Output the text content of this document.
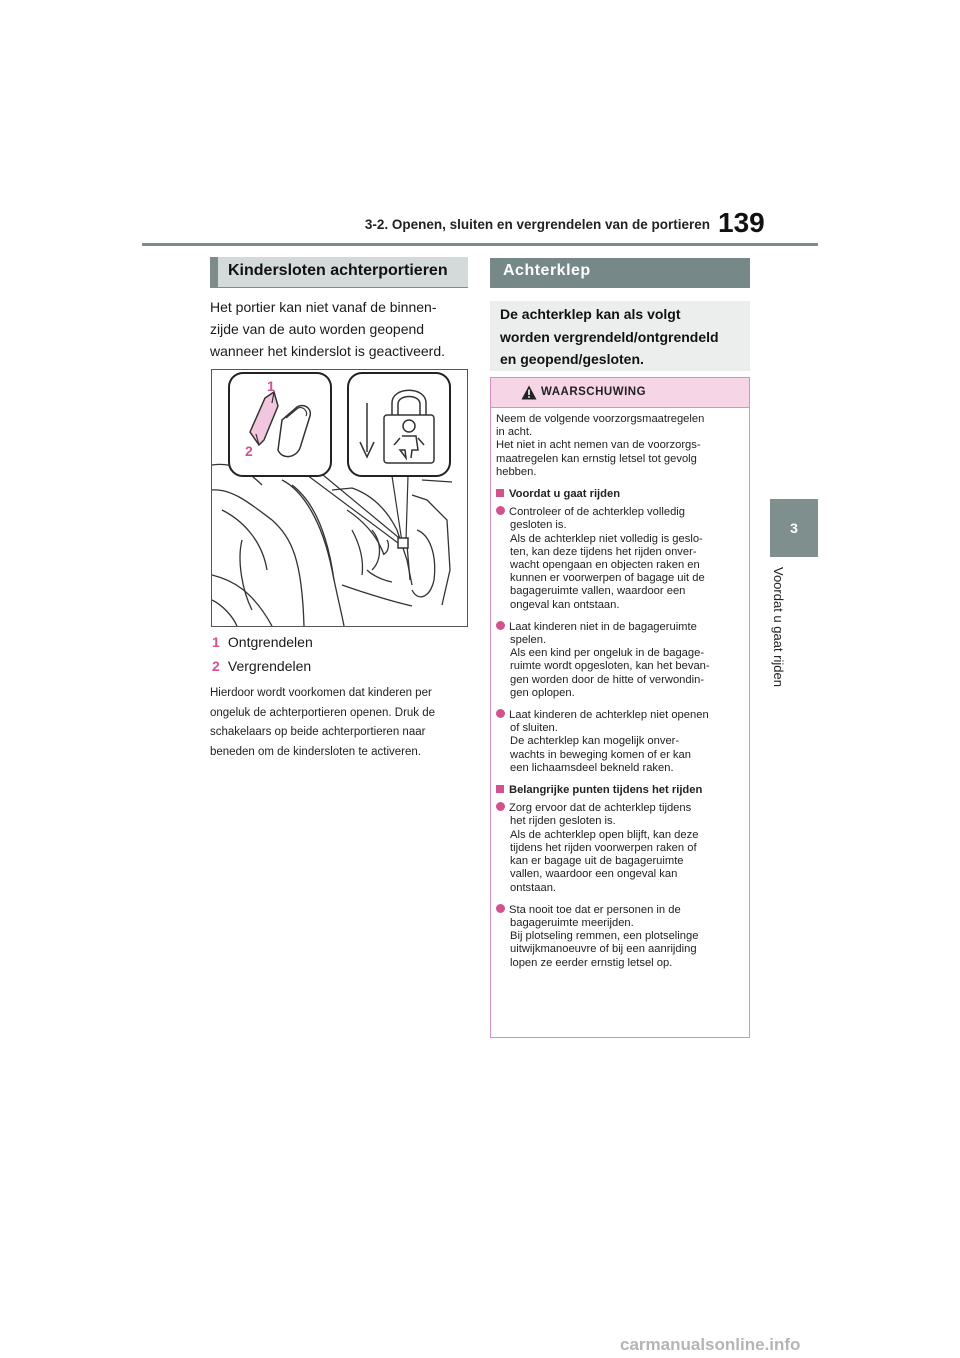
3-2. Openen, sluiten en vergrendelen van de portieren 139
3
Voordat u gaat rijden
Kindersloten achterportieren
Het portier kan niet vanaf de binnen-
zijde van de auto worden geopend
wanneer het kinderslot is geactiveerd.
1
2
1 Ontgrendelen
2 Vergrendelen
Hierdoor wordt voorkomen dat kinderen per
ongeluk de achterportieren openen. Druk de
schakelaars op beide achterportieren naar
beneden om de kindersloten te activeren.
Achterklep
De achterklep kan als volgt
worden vergrendeld/ontgrendeld
en geopend/gesloten.
WAARSCHUWING
Neem de volgende voorzorgsmaatregelen
in acht.
Het niet in acht nemen van de voorzorgs-
maatregelen kan ernstig letsel tot gevolg
hebben.
Voordat u gaat rijden
Controleer of de achterklep volledig
gesloten is.
Als de achterklep niet volledig is geslo-
ten, kan deze tijdens het rijden onver-
wacht opengaan en objecten raken en
kunnen er voorwerpen of bagage uit de
bagageruimte vallen, waardoor een
ongeval kan ontstaan.
Laat kinderen niet in de bagageruimte
spelen.
Als een kind per ongeluk in de bagage-
ruimte wordt opgesloten, kan het bevan-
gen worden door de hitte of verwondin-
gen oplopen.
Laat kinderen de achterklep niet openen
of sluiten.
De achterklep kan mogelijk onver-
wachts in beweging komen of er kan
een lichaamsdeel bekneld raken.
Belangrijke punten tijdens het rijden
Zorg ervoor dat de achterklep tijdens
het rijden gesloten is.
Als de achterklep open blijft, kan deze
tijdens het rijden voorwerpen raken of
kan er bagage uit de bagageruimte
vallen, waardoor een ongeval kan
ontstaan.
Sta nooit toe dat er personen in de
bagageruimte meerijden.
Bij plotseling remmen, een plotselinge
uitwijkmanoeuvre of bij een aanrijding
lopen ze eerder ernstig letsel op.
carmanualsonline.info
